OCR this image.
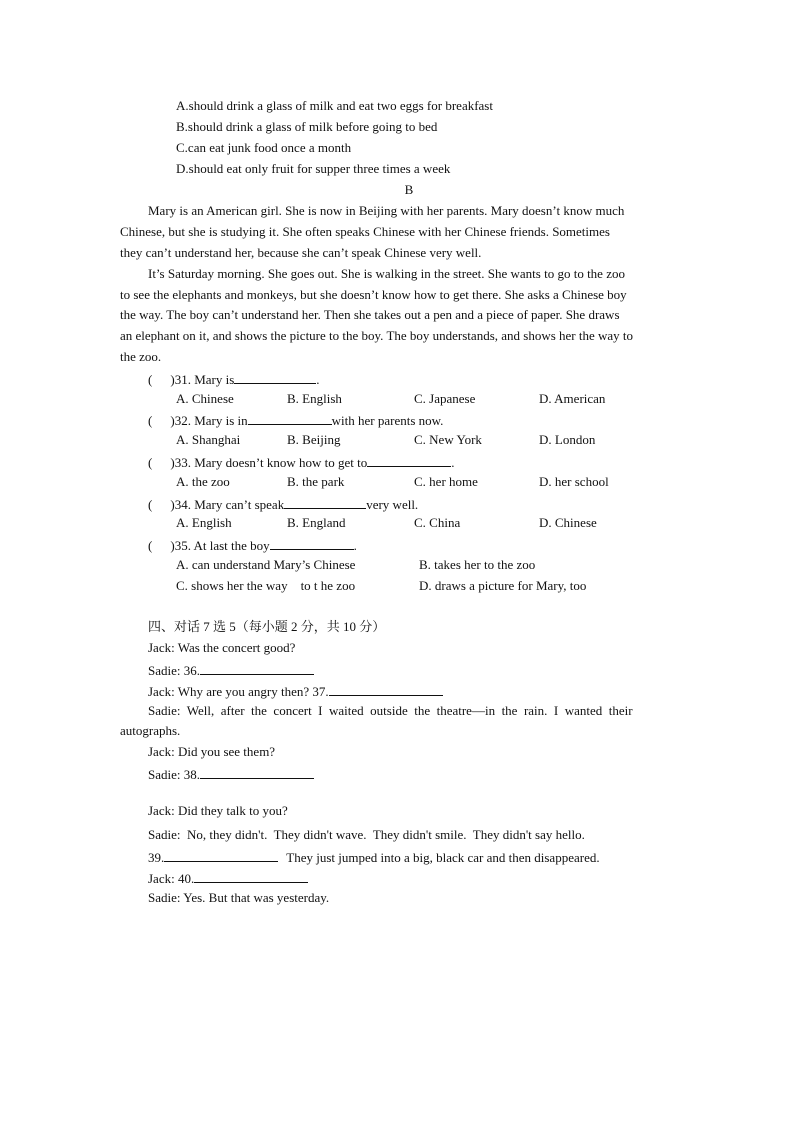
A.should drink a glass of milk and eat two eggs for breakfast
B.should drink a glass of milk before going to bed
C.can eat junk food once a month
D.should eat only fruit for supper three times a week
B
Mary is an American girl. She is now in Beijing with her parents. Mary doesn’t know much
Chinese, but she is studying it. She often speaks Chinese with her Chinese friends. Sometimes
they can’t understand her, because she can’t speak Chinese very well.
It’s Saturday morning. She goes out. She is walking in the street. She wants to go to the zoo
to see the elephants and monkeys, but she doesn’t know how to get there. She asks a Chinese boy
the way. The boy can’t understand her. Then she takes out a pen and a piece of paper. She draws
an elephant on it, and shows the picture to the boy. The boy understands, and shows her the way to
the zoo.
( )31. Mary is	.
A. Chinese	B. English	C. Japanese	D. American
( )32. Mary is in	with her parents now.
A. Shanghai	B. Beijing	C. New York	D. London
( )33. Mary doesn’t know how to get to	.
A. the zoo	B. the park	C. her home	D. her school
( )34. Mary can’t speak	very well.
A. English	B. England	C. China	D. Chinese
( )35. At last the boy	.
A. can understand Mary’s Chinese	B. takes her to the zoo
C. shows her the way    to t he zoo	D. draws a picture for Mary, too
四、对话 7 选 5（每小题 2 分，共 10 分）
Jack: Was the concert good?
Sadie: 36.
Jack: Why are you angry then? 37.
Sadie:  Well,  after  the  concert  I  waited  outside  the  theatre—in  the  rain.  I  wanted  their
autographs.
Jack: Did you see them?
Sadie: 38.
Jack: Did they talk to you?
Sadie:  No, they didn't.  They didn't wave.  They didn't smile.  They didn't say hello.
39.	They just jumped into a big, black car and then disappeared.
Jack: 40.
Sadie: Yes. But that was yesterday.
